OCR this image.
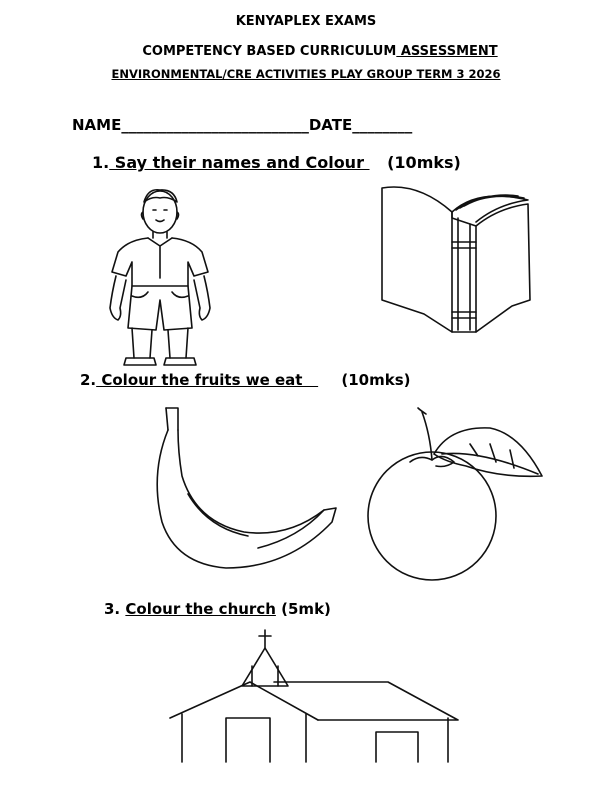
KENYAPLEX EXAMS
COMPETENCY BASED CURRICULUM ASSESSMENT
ENVIRONMENTAL/CRE ACTIVITIES PLAY GROUP TERM 3 2026
NAME_________________________DATE________
1. Say their names and Colour  (10mks)
2. Colour the fruits we eat    (10mks)
3. Colour the church (5mk)
